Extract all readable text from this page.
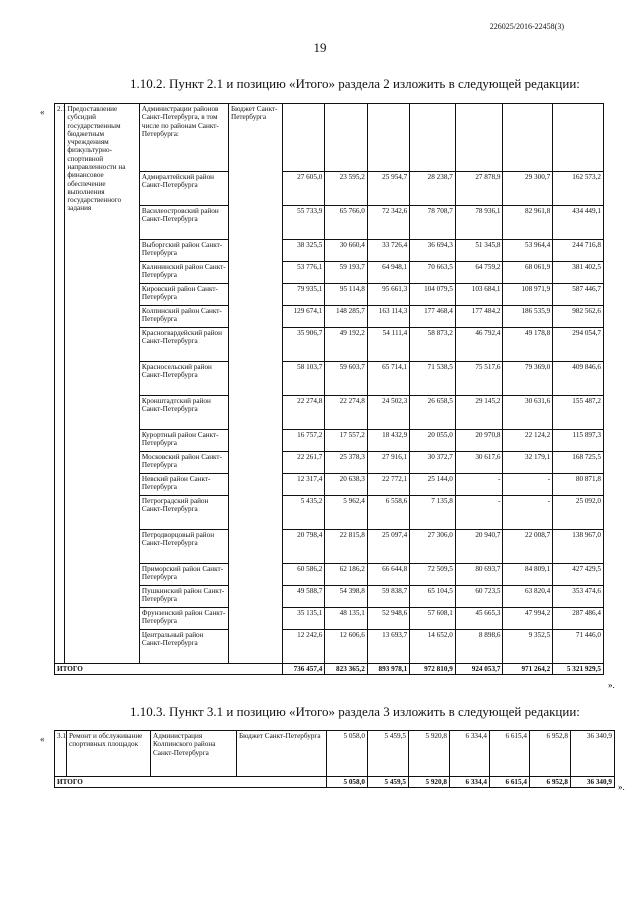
226025/2016-22458(3)
19
1.10.2. Пункт 2.1 и позицию «Итого» раздела 2 изложить в следующей редакции:
« 2.1	Предоставление субсидий государственным бюджетным учреждениям физкультурно-спортивной направленности на финансовое обеспечение выполнения государственного задания	Администрации районов Санкт-Петербурга, в том числе по районам Санкт-Петербурга:	Бюджет Санкт-Петербурга							
		Адмиралтейский район Санкт-Петербурга		27 605,0	23 595,2	25 954,7	28 238,7	27 878,9	29 300,7	162 573,2
		Василеостровский район Санкт-Петербурга		55 733,9	65 766,0	72 342,6	78 708,7	78 936,1	82 961,8	434 449,1
		Выборгский район Санкт-Петербурга		38 325,5	30 660,4	33 726,4	36 694,3	51 345,8	53 964,4	244 716,8
		Калининский район Санкт-Петербурга		53 776,1	59 193,7	64 948,1	70 663,5	64 759,2	68 061,9	381 402,5
		Кировский район Санкт-Петербурга		79 935,1	95 114,8	95 661,3	104 079,5	103 684,1	108 971,9	587 446,7
		Колпинский район Санкт-Петербурга		129 674,1	148 285,7	163 114,3	177 468,4	177 484,2	186 535,9	982 562,6
		Красногвардейский район Санкт-Петербурга		35 906,7	49 192,2	54 111,4	58 873,2	46 792,4	49 178,8	294 054,7
		Красносельский район Санкт-Петербурга		58 103,7	59 603,7	65 714,1	71 538,5	75 517,6	79 369,0	409 846,6
		Кронштадтский район Санкт-Петербурга		22 274,8	22 274,8	24 502,3	26 658,5	29 145,2	30 631,6	155 487,2
		Курортный район Санкт-Петербурга		16 757,2	17 557,2	18 432,9	20 055,0	20 970,8	22 124,2	115 897,3
		Московский район Санкт-Петербурга		22 261,7	25 378,3	27 916,1	30 372,7	30 617,6	32 179,1	168 725,5
		Невский район Санкт-Петербурга		12 317,4	20 638,3	22 772,1	25 144,0	-	-	80 871,8
		Петроградский район Санкт-Петербурга		5 435,2	5 962,4	6 558,6	7 135,8	-	-	25 092,0
		Петродворцовый район Санкт-Петербурга		20 798,4	22 815,8	25 097,4	27 306,0	20 940,7	22 008,7	138 967,0
		Приморский район Санкт-Петербурга		60 586,2	62 186,2	66 644,8	72 509,5	80 693,7	84 809,1	427 429,5
		Пушкинский район Санкт-Петербурга		49 588,7	54 398,8	59 838,7	65 104,5	60 723,5	63 820,4	353 474,6
		Фрунзенский район Санкт-Петербурга		35 135,1	48 135,1	52 948,6	57 608,1	45 665,3	47 994,2	287 486,4
		Центральный район Санкт-Петербурга		12 242,6	12 606,6	13 693,7	14 652,0	8 898,6	9 352,5	71 446,0
ИТОГО				736 457,4	823 365,2	893 978,1	972 810,9	924 053,7	971 264,2	5 321 929,5
».
1.10.3. Пункт 3.1 и позицию «Итого» раздела 3 изложить в следующей редакции:
« 3.1	Ремонт и обслуживание спортивных площадок	Администрация Колпинского района Санкт-Петербурга	Бюджет Санкт-Петербурга	5 058,0	5 459,5	5 920,8	6 334,4	6 615,4	6 952,8	36 340,9
ИТОГО				5 058,0	5 459,5	5 920,8	6 334,4	6 615,4	6 952,8	36 340,9 ».
